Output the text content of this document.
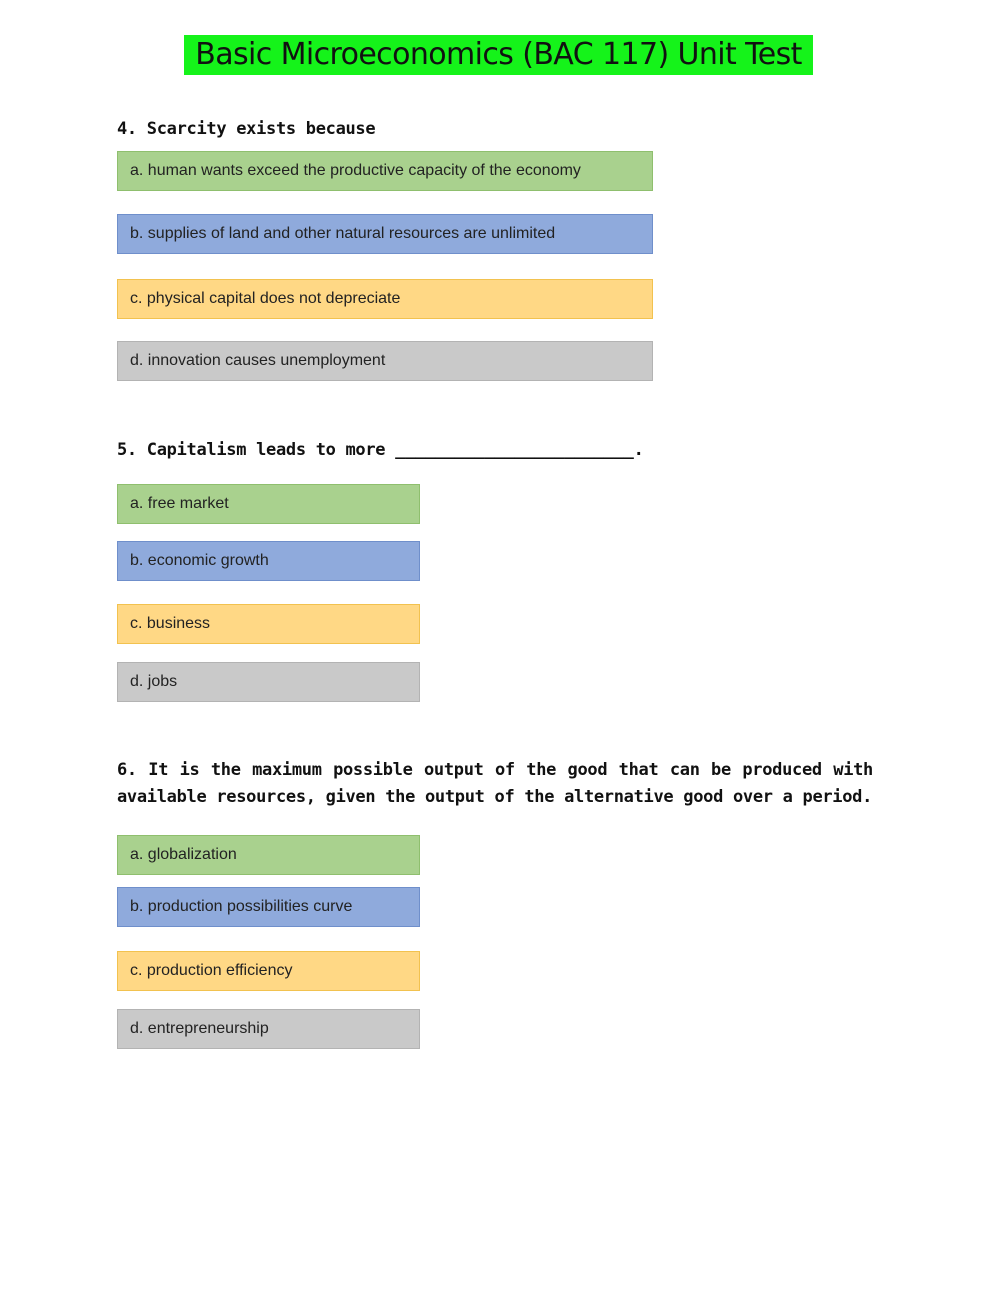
Basic Microeconomics (BAC 117) Unit Test
4. Scarcity exists because
a. human wants exceed the productive capacity of the economy
b. supplies of land and other natural resources are unlimited
c. physical capital does not depreciate
d. innovation causes unemployment
5. Capitalism leads to more ________________________.
a. free market
b. economic growth
c. business
d. jobs
6. It is the maximum possible output of the good that can be produced with available resources, given the output of the alternative good over a period.
a. globalization
b. production possibilities curve
c. production efficiency
d. entrepreneurship
